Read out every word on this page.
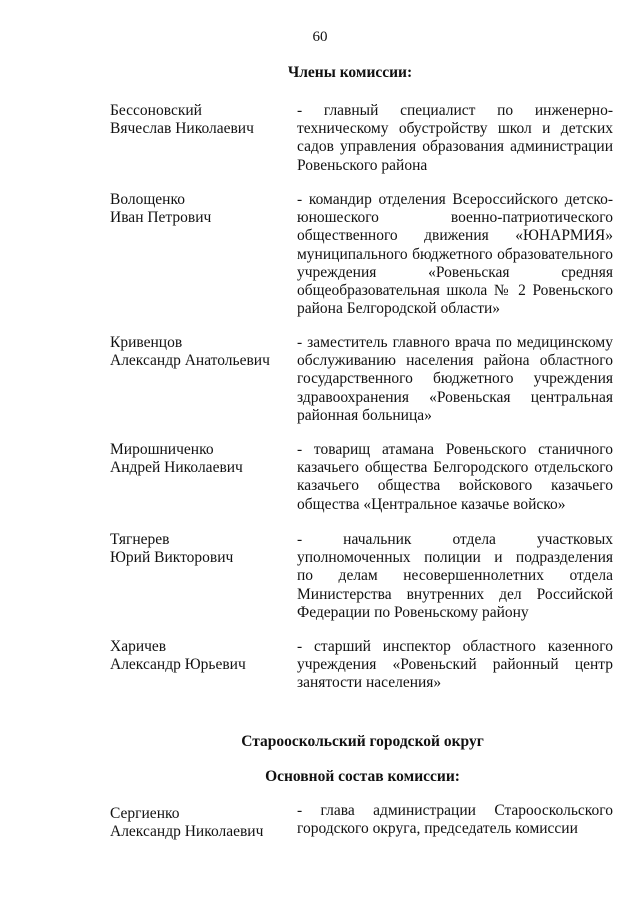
60
Члены комиссии:
Бессоновский
Вячеслав Николаевич
- главный специалист по инженерно-
техническому обустройству школ и детских
садов управления образования администрации
Ровеньского района
Волощенко
Иван Петрович
- командир отделения Всероссийского детско-
юношеского военно-патриотического
общественного движения «ЮНАРМИЯ»
муниципального бюджетного образовательного
учреждения «Ровеньская средняя
общеобразовательная школа № 2 Ровеньского
района Белгородской области»
Кривенцов
Александр Анатольевич
- заместитель главного врача по медицинскому
обслуживанию населения района областного
государственного бюджетного учреждения
здравоохранения «Ровеньская центральная
районная больница»
Мирошниченко
Андрей Николаевич
- товарищ атамана Ровеньского станичного
казачьего общества Белгородского отдельского
казачьего общества войскового казачьего
общества «Центральное казачье войско»
Тягнерев
Юрий Викторович
- начальник отдела участковых
уполномоченных полиции и подразделения
по делам несовершеннолетних отдела
Министерства внутренних дел Российской
Федерации по Ровеньскому району
Харичев
Александр Юрьевич
- старший инспектор областного казенного
учреждения «Ровеньский районный центр
занятости населения»
Старооскольский городской округ
Основной состав комиссии:
Сергиенко
Александр Николаевич
- глава администрации Старооскольского
городского округа, председатель комиссии
